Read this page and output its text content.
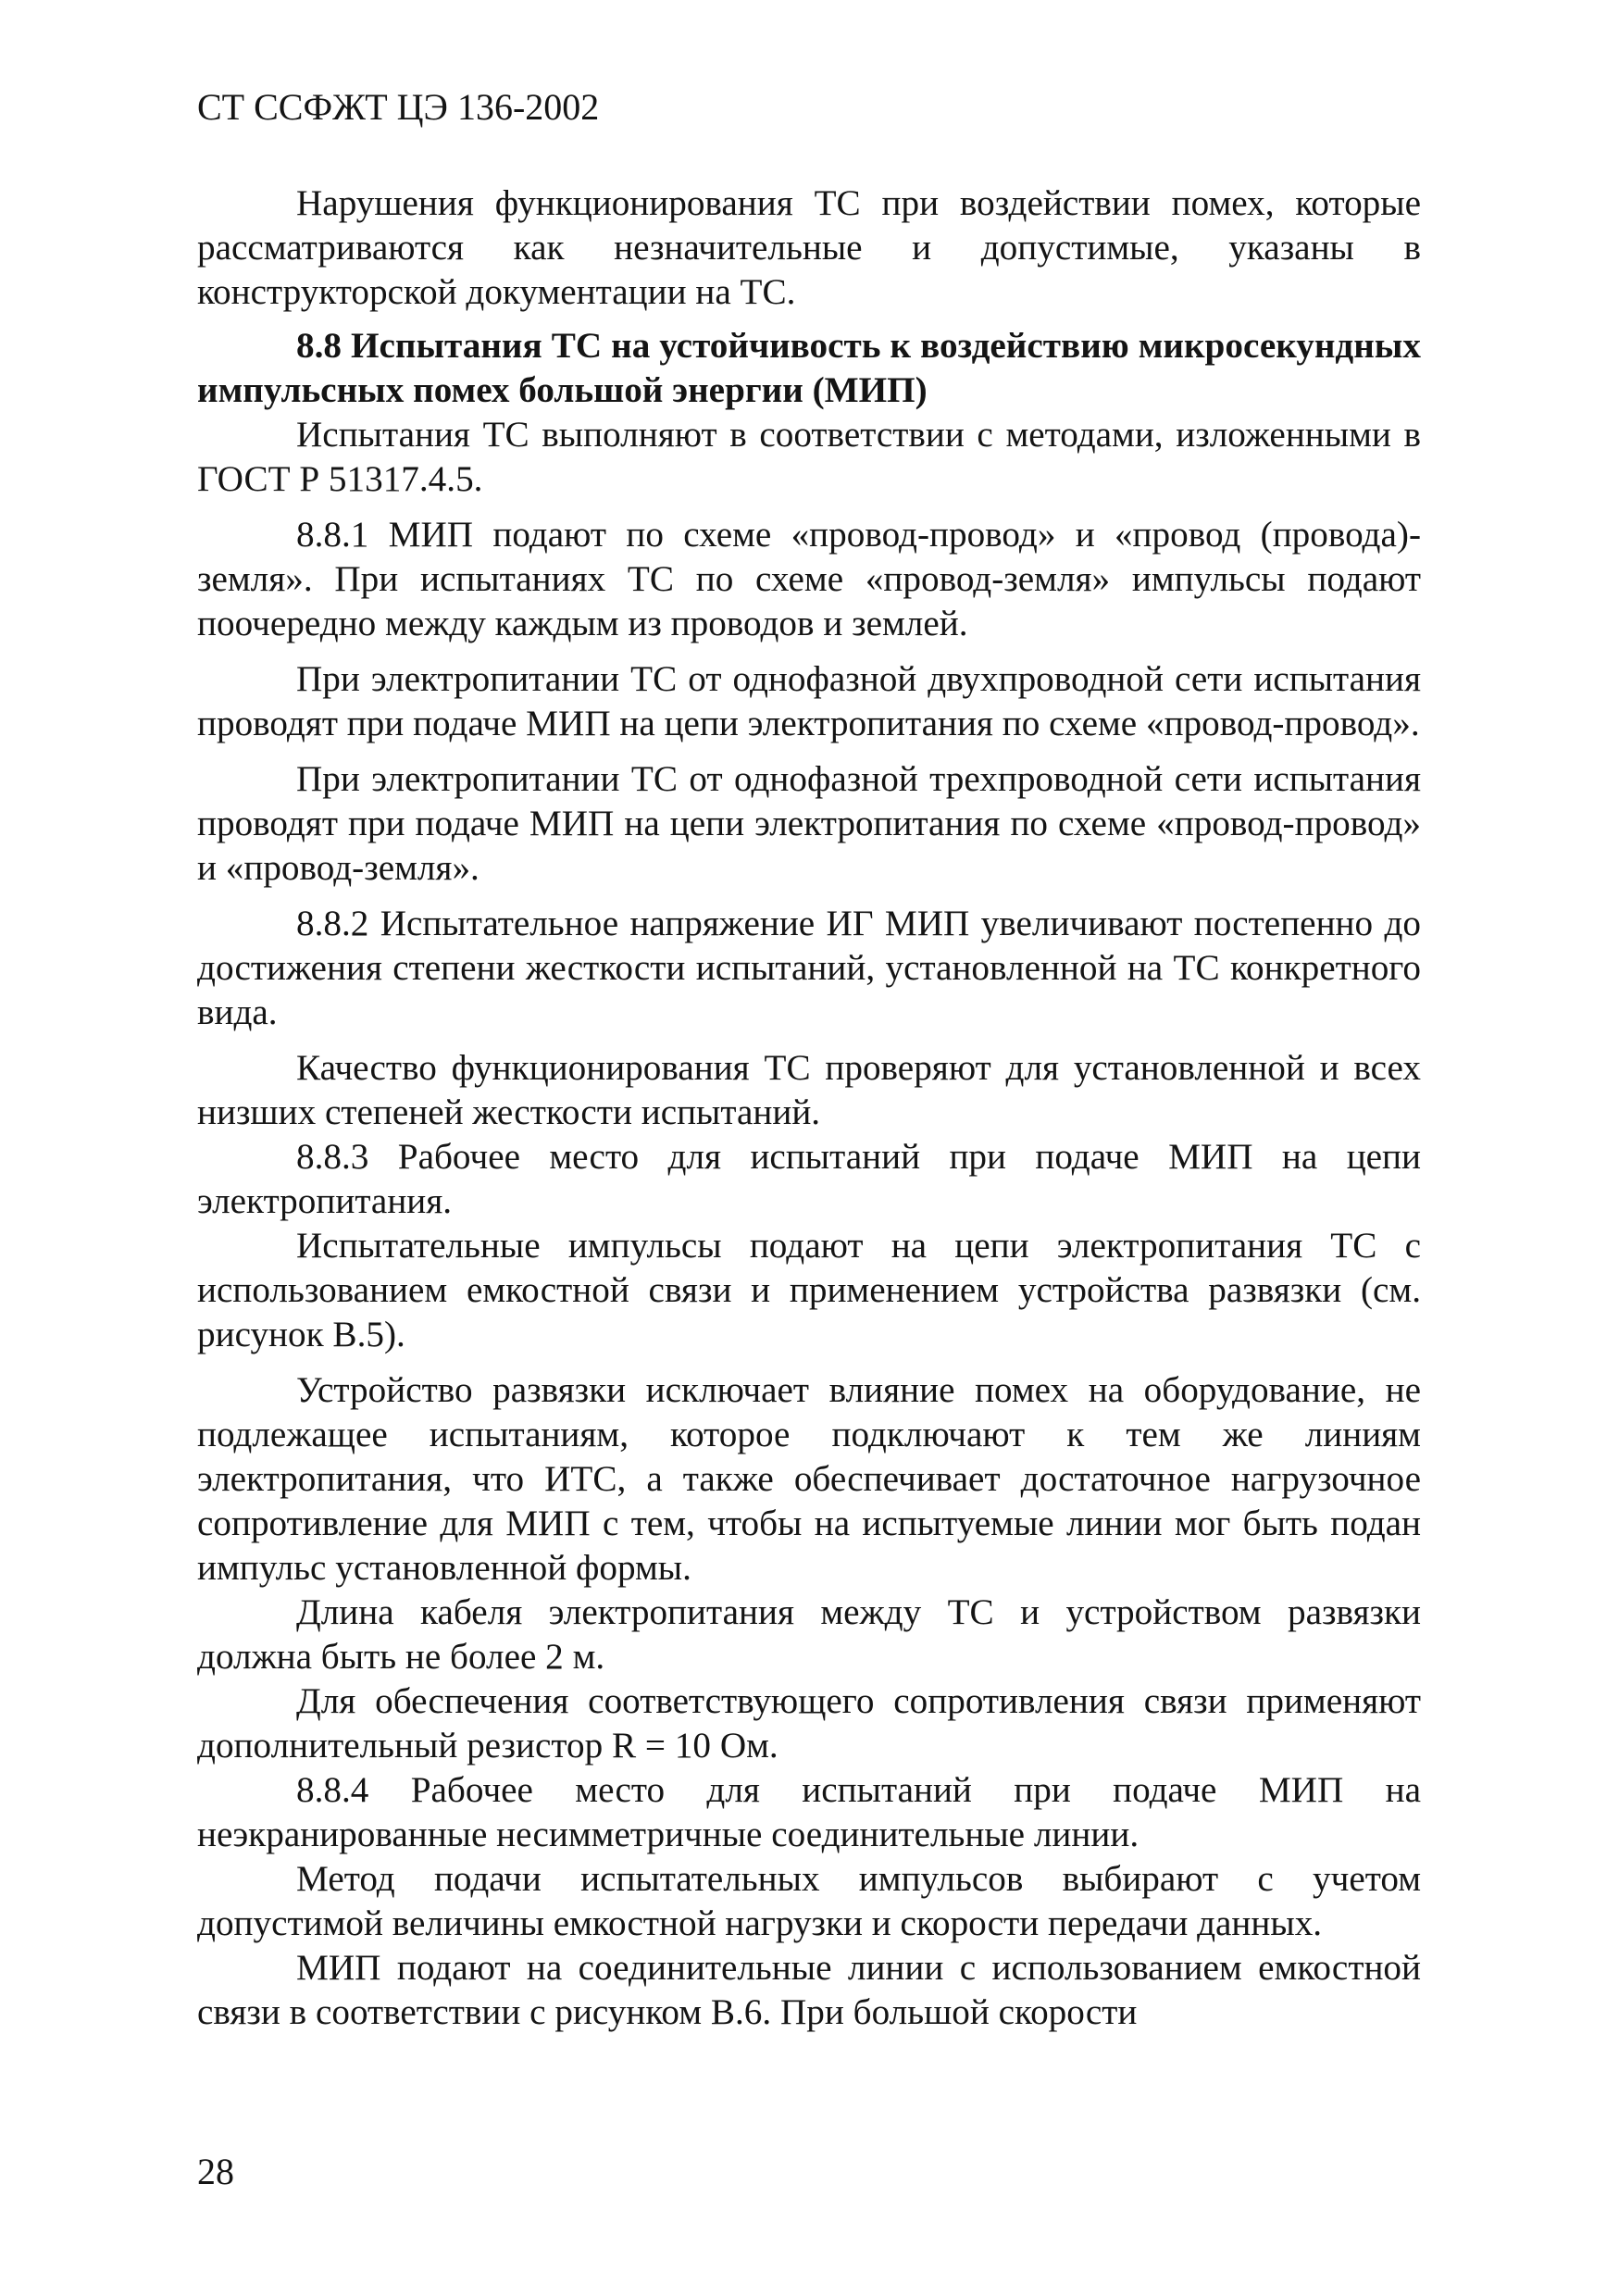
СТ ССФЖТ ЦЭ 136-2002

Нарушения функционирования ТС при воздействии помех, которые рассматриваются как незначительные и допустимые, указаны в конструкторской документации на ТС.

8.8 Испытания ТС на устойчивость к воздействию микросекундных импульсных помех большой энергии (МИП)

Испытания ТС выполняют в соответствии с методами, изложенными в ГОСТ Р 51317.4.5.

8.8.1 МИП подают по схеме «провод-провод» и «провод (провода)-земля». При испытаниях ТС по схеме «провод-земля» импульсы подают поочередно между каждым из проводов и землей.

При электропитании ТС от однофазной двухпроводной сети испытания проводят при подаче МИП на цепи электропитания по схеме «провод-провод».

При электропитании ТС от однофазной трехпроводной сети испытания проводят при подаче МИП на цепи электропитания по схеме «провод-провод» и «провод-земля».

8.8.2 Испытательное напряжение ИГ МИП увеличивают постепенно до достижения степени жесткости испытаний, установленной на ТС конкретного вида.

Качество функционирования ТС проверяют для установленной и всех низших степеней жесткости испытаний.

8.8.3 Рабочее место для испытаний при подаче МИП на цепи электропитания.

Испытательные импульсы подают на цепи электропитания ТС с использованием емкостной связи и применением устройства развязки (см. рисунок В.5).

Устройство развязки исключает влияние помех на оборудование, не подлежащее испытаниям, которое подключают к тем же линиям электропитания, что ИТС, а также обеспечивает достаточное нагрузочное сопротивление для МИП с тем, чтобы на испытуемые линии мог быть подан импульс установленной формы.

Длина кабеля электропитания между ТС и устройством развязки должна быть не более 2 м.

Для обеспечения соответствующего сопротивления связи применяют дополнительный резистор R = 10 Ом.

8.8.4 Рабочее место для испытаний при подаче МИП на неэкранированные несимметричные соединительные линии.

Метод подачи испытательных импульсов выбирают с учетом допустимой величины емкостной нагрузки и скорости передачи данных.

МИП подают на соединительные линии с использованием емкостной связи в соответствии с рисунком В.6. При большой скорости

28
